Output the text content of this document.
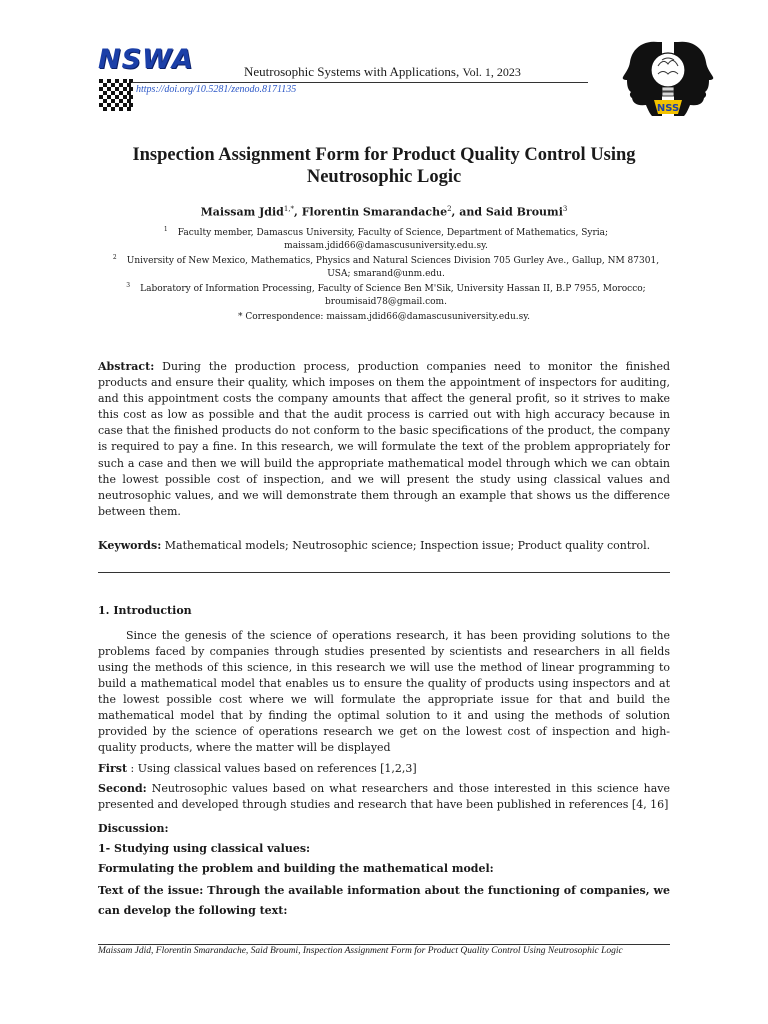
NSWA	Neutrosophic Systems with Applications, Vol. 1, 2023
https://doi.org/10.5281/zenodo.8171135
NSS
Inspection Assignment Form for Product Quality Control Using Neutrosophic Logic
Maissam Jdid$^{1,*}$, Florentin Smarandache$^2$, and Said Broumi$^3$
$^1$ Faculty member, Damascus University, Faculty of Science, Department of Mathematics, Syria; maissam.jdid66@damascusuniversity.edu.sy.
$^2$ University of New Mexico, Mathematics, Physics and Natural Sciences Division 705 Gurley Ave., Gallup, NM 87301, USA; smarand@unm.edu.
$^3$ Laboratory of Information Processing, Faculty of Science Ben M'Sik, University Hassan II, B.P 7955, Morocco; broumisaid78@gmail.com.
* Correspondence: maissam.jdid66@damascusuniversity.edu.sy.
Abstract: During the production process, production companies need to monitor the finished products and ensure their quality, which imposes on them the appointment of inspectors for auditing, and this appointment costs the company amounts that affect the general profit, so it strives to make this cost as low as possible and that the audit process is carried out with high accuracy because in case that the finished products do not conform to the basic specifications of the product, the company is required to pay a fine. In this research, we will formulate the text of the problem appropriately for such a case and then we will build the appropriate mathematical model through which we can obtain the lowest possible cost of inspection, and we will present the study using classical values and neutrosophic values, and we will demonstrate them through an example that shows us the difference between them.
Keywords: Mathematical models; Neutrosophic science; Inspection issue; Product quality control.
1. Introduction
Since the genesis of the science of operations research, it has been providing solutions to the problems faced by companies through studies presented by scientists and researchers in all fields using the methods of this science, in this research we will use the method of linear programming to build a mathematical model that enables us to ensure the quality of products using inspectors and at the lowest possible cost where we will formulate the appropriate issue for that and build the mathematical model that by finding the optimal solution to it and using the methods of solution provided by the science of operations research we get on the lowest cost of inspection and high-quality products, where the matter will be displayed
First : Using classical values based on references [1,2,3]
Second: Neutrosophic values based on what researchers and those interested in this science have presented and developed through studies and research that have been published in references [4, 16]
Discussion:
1- Studying using classical values:
Formulating the problem and building the mathematical model:
Text of the issue: Through the available information about the functioning of companies, we can develop the following text:
Maissam Jdid, Florentin Smarandache, Said Broumi, Inspection Assignment Form for Product Quality Control Using Neutrosophic Logic
